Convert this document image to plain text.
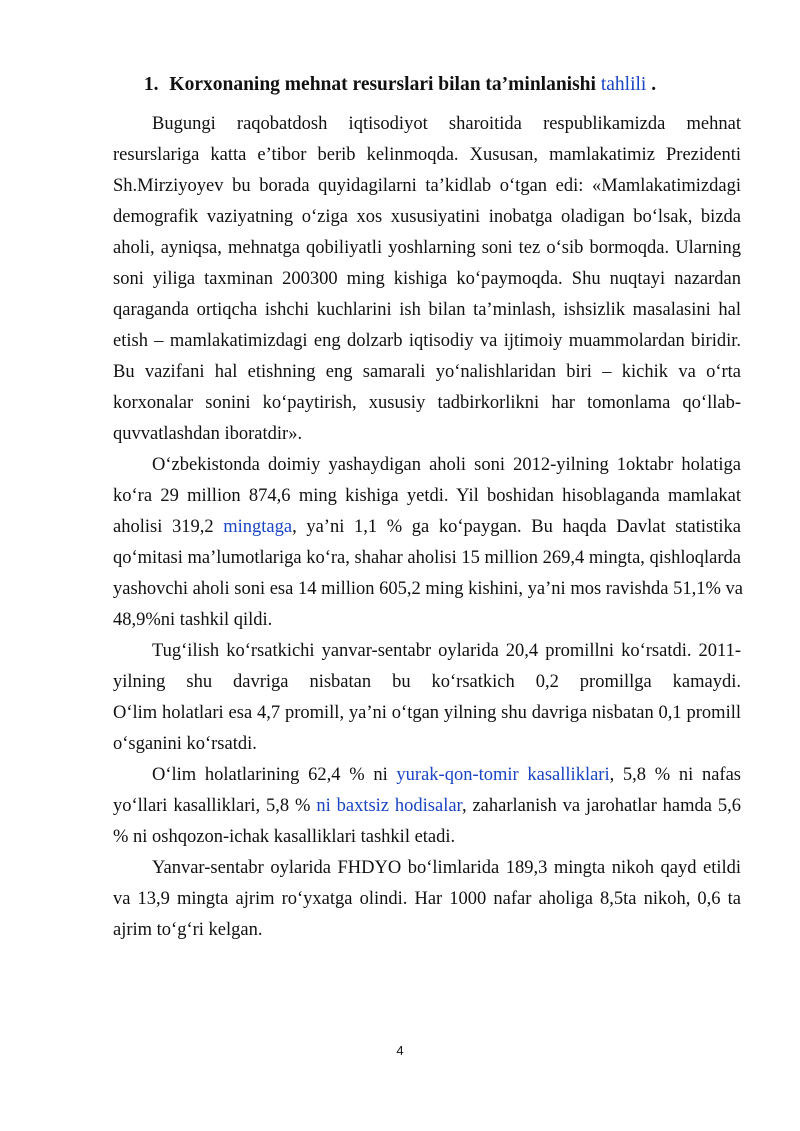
1. Korxonaning mehnat resurslari bilan ta’minlanishi tahlili .
Bugungi raqobatdosh iqtisodiyot sharoitida respublikamizda mehnat
resurslariga katta e’tibor berib kelinmoqda. Xususan, mamlakatimiz Prezidenti
Sh.Mirziyoyev bu borada quyidagilarni ta’kidlab o‘tgan edi: «Mamlakatimizdagi
demografik vaziyatning o‘ziga xos xususiyatini inobatga oladigan bo‘lsak, bizda
aholi, ayniqsa, mehnatga qobiliyatli yoshlarning soni tez o‘sib bormoqda. Ularning
soni yiliga taxminan 200300 ming kishiga ko‘paymoqda. Shu nuqtayi nazardan
qaraganda ortiqcha ishchi kuchlarini ish bilan ta’minlash, ishsizlik masalasini hal
etish – mamlakatimizdagi eng dolzarb iqtisodiy va ijtimoiy muammolardan biridir.
Bu vazifani hal etishning eng samarali yo‘nalishlaridan biri – kichik va o‘rta
korxonalar sonini ko‘paytirish, xususiy tadbirkorlikni har tomonlama qo‘llab-
quvvatlashdan iboratdir».
O‘zbekistonda doimiy yashaydigan aholi soni 2012-yilning 1oktabr holatiga
ko‘ra 29 million 874,6 ming kishiga yetdi. Yil boshidan hisoblaganda mamlakat
aholisi 319,2 mingtaga, ya’ni 1,1 % ga ko‘paygan. Bu haqda Davlat statistika
qo‘mitasi ma’lumotlariga ko‘ra, shahar aholisi 15 million 269,4 mingta, qishloqlarda
yashovchi aholi soni esa 14 million 605,2 ming kishini, ya’ni mos ravishda 51,1% va
48,9%ni tashkil qildi.
Tug‘ilish ko‘rsatkichi yanvar-sentabr oylarida 20,4 promillni ko‘rsatdi. 2011-
yilning shu davriga nisbatan bu ko‘rsatkich 0,2 promillga kamaydi.
O‘lim holatlari esa 4,7 promill, ya’ni o‘tgan yilning shu davriga nisbatan 0,1 promill
o‘sganini ko‘rsatdi.
O‘lim holatlarining 62,4 % ni yurak-qon-tomir kasalliklari, 5,8 % ni nafas
yo‘llari kasalliklari, 5,8 % ni baxtsiz hodisalar, zaharlanish va jarohatlar hamda 5,6
% ni oshqozon-ichak kasalliklari tashkil etadi.
Yanvar-sentabr oylarida FHDYO bo‘limlarida 189,3 mingta nikoh qayd etildi
va 13,9 mingta ajrim ro‘yxatga olindi. Har 1000 nafar aholiga 8,5ta nikoh, 0,6 ta
ajrim to‘g‘ri kelgan.
4
